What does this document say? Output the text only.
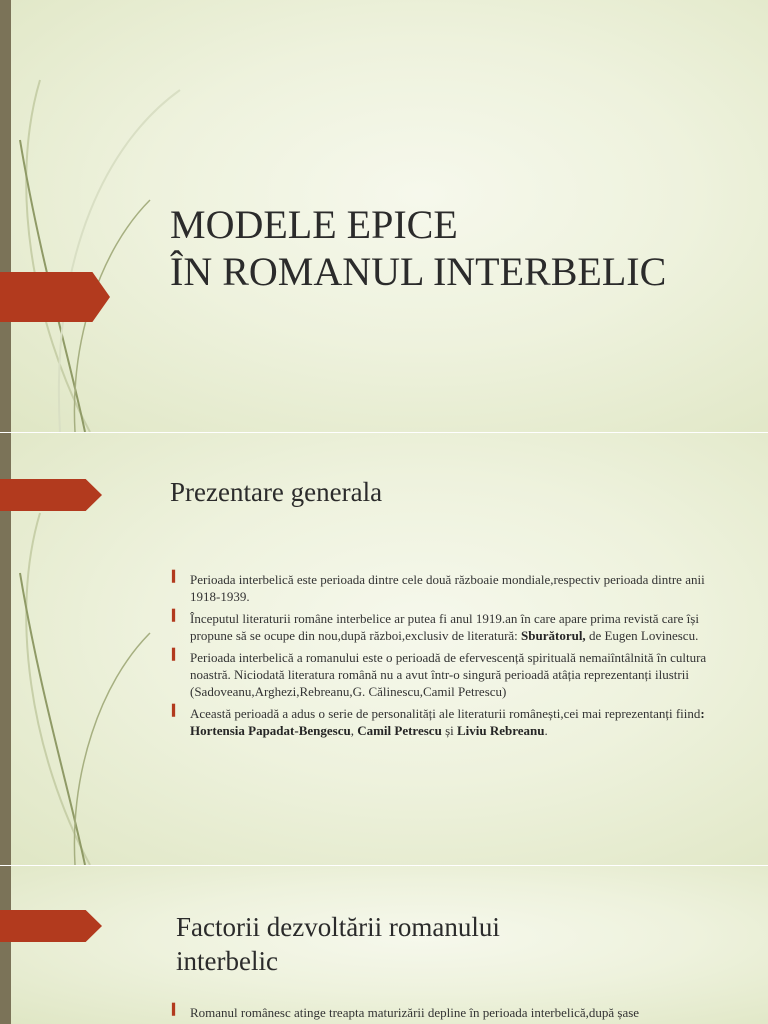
MODELE EPICE
ÎN ROMANUL INTERBELIC
Prezentare generala
▍ Perioada interbelică este perioada dintre cele două războaie mondiale,respectiv perioada dintre anii 1918-1939.
▍ Începutul literaturii române interbelice ar putea fi anul 1919.an în care apare prima revistă care își propune să se ocupe din nou,după război,exclusiv de literatură: Sburătorul, de Eugen Lovinescu.
▍ Perioada interbelică a romanului este o perioadă de efervescență spirituală nemaiîntâlnită în cultura noastră. Niciodată literatura română nu a avut într-o singură perioadă atâția reprezentanți ilustrii (Sadoveanu,Arghezi,Rebreanu,G. Călinescu,Camil Petrescu)
▍ Această perioadă a adus o serie de personalități ale literaturii românești,cei mai reprezentanți fiind: Hortensia Papadat-Bengescu, Camil Petrescu și Liviu Rebreanu.
Factorii dezvoltării romanului interbelic
▍ Romanul românesc atinge treapta maturizării depline în perioada interbelică,după șase
